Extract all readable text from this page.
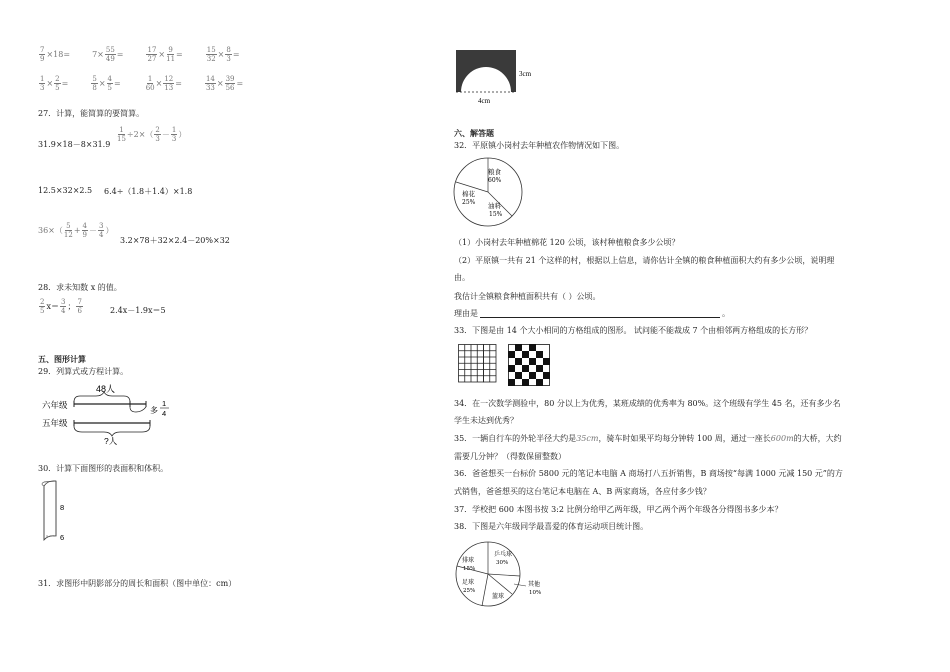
$\frac{7}{9} \times 18$ =	$7 \times \frac{55}{49}$ =	$\frac{17}{27} \times \frac{9}{11}$ =	$\frac{15}{32} \times \frac{8}{3}$ =
$\frac{1}{3} \times \frac{2}{5}$ =	$\frac{5}{8} \times \frac{4}{5}$ =	$\frac{1}{60} \times \frac{12}{13}$ =	$\frac{14}{33} \times \frac{39}{56}$ =
27．计算，能简算的要简算。
31.9×18－8×31.9
$\frac{1}{15} \div 2\times( \frac{2}{3} - \frac{1}{3}$ ）
12.5×32×2.5 6.4÷（1.8＋1.4）×1.8
$36\times( \frac{5}{12} + \frac{4}{9} - \frac{3}{4}$ ）
3.2×78＋32×2.4－20%×32
28．求未知数 x 的值。
$\frac{2}{5} x= \frac{3}{4}$ ； $\frac{7}{6}$	2.4x－1.9x＝5
五、图形计算
29．列算式或方程计算。
48人
六年级
多
1
4
五年级
?人
30．计算下面图形的表面积和体积。
8
6
31．求图形中阴影部分的周长和面积（图中单位：cm）
3cm
4cm
六、解答题
32．平原镇小岗村去年种植农作物情况如下图。
粮食
60%
棉花
25% 油料
15%
（1）小岗村去年种植棉花 120 公顷，该村种植粮食多少公顷？
（2）平原镇一共有 21 个这样的村，根据以上信息，请你估计全镇的粮食种植面积大约有多少公顷，说明理
由。
我估计全镇粮食种植面积共有（ ）公顷。
理由是	。
33．下图是由 14 个大小相同的方格组成的图形。 试问能不能裁成 7 个由相邻两方格组成的长方形？
34．在一次数学测验中，80 分以上为优秀，某班成绩的优秀率为 80%。这个班级有学生 45 名，还有多少名
学生未达到优秀？
35．一辆自行车的外轮半径大约是 35cm ，骑车时如果平均每分钟转 100 周，通过一座长 600m 的大桥，大约
需要几分钟？（得数保留整数）
36．爸爸想买一台标价 5800 元的笔记本电脑 A 商场打八五折销售，B 商场按“每满 1000 元减 150 元”的方
式销售，爸爸想买的这台笔记本电脑在 A、B 两家商场，各应付多少钱？
37．学校把 600 本图书按 3:2 比例分给甲乙两年级，甲乙两个两个年级各分得图书多少本？
38．下图是六年级同学最喜爱的体育运动项目统计图。
乒乓球
30%
其他
10%
篮球
足球
25%
排球
15%
